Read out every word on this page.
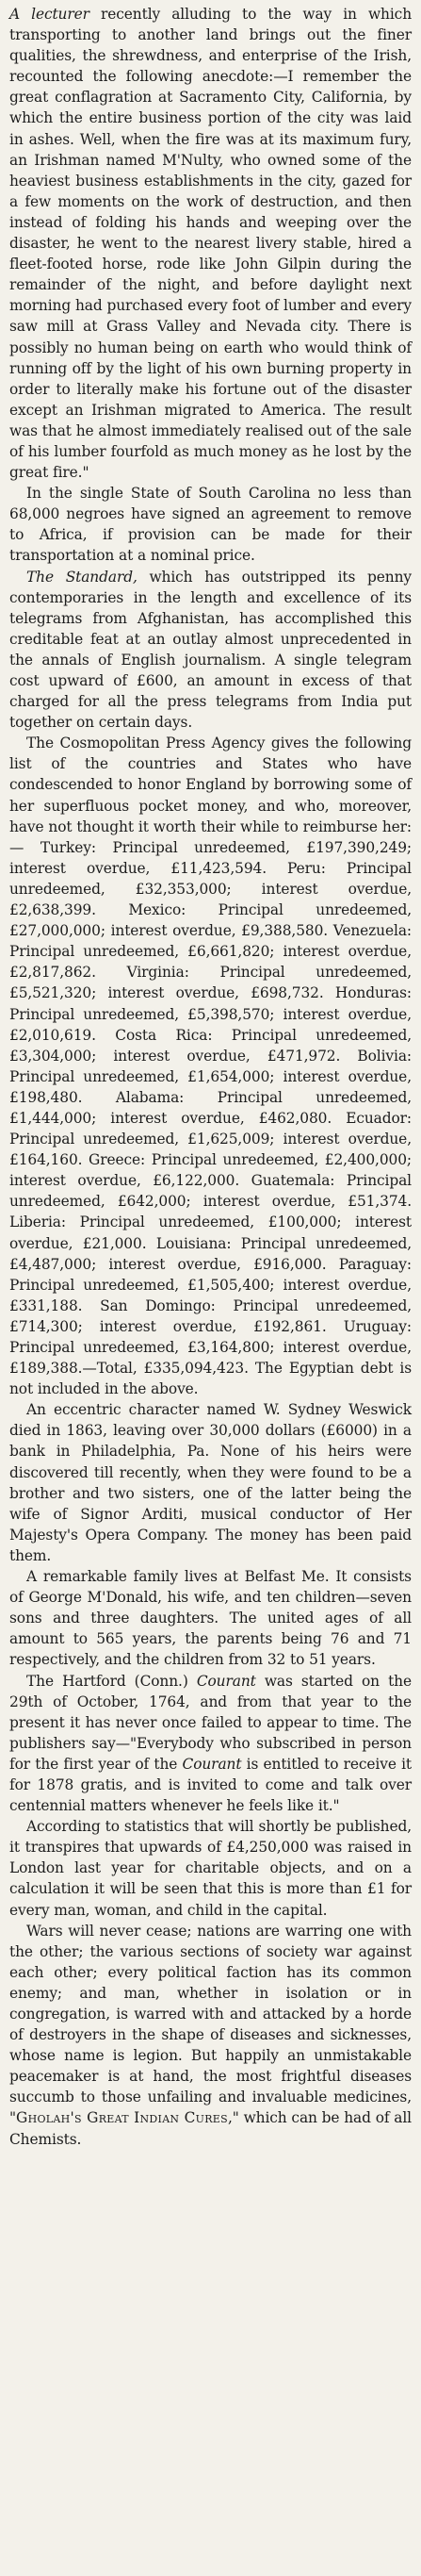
A lecturer recently alluding to the way in which transporting to another land brings out the finer qualities, the shrewdness, and enterprise of the Irish, recounted the following anecdote:—I remember the great conflagration at Sacramento City, California, by which the entire business portion of the city was laid in ashes. Well, when the fire was at its maximum fury, an Irishman named M'Nulty, who owned some of the heaviest business establishments in the city, gazed for a few moments on the work of destruction, and then instead of folding his hands and weeping over the disaster, he went to the nearest livery stable, hired a fleet-footed horse, rode like John Gilpin during the remainder of the night, and before daylight next morning had purchased every foot of lumber and every saw mill at Grass Valley and Nevada city. There is possibly no human being on earth who would think of running off by the light of his own burning property in order to literally make his fortune out of the disaster except an Irishman migrated to America. The result was that he almost immediately realised out of the sale of his lumber fourfold as much money as he lost by the great fire."

In the single State of South Carolina no less than 68,000 negroes have signed an agreement to remove to Africa, if provision can be made for their transportation at a nominal price.

The Standard, which has outstripped its penny contemporaries in the length and excellence of its telegrams from Afghanistan, has accomplished this creditable feat at an outlay almost unprecedented in the annals of English journalism. A single telegram cost upward of £600, an amount in excess of that charged for all the press telegrams from India put together on certain days.

The Cosmopolitan Press Agency gives the following list of the countries and States who have condescended to honor England by borrowing some of her superfluous pocket money, and who, moreover, have not thought it worth their while to reimburse her:— Turkey: Principal unredeemed, £197,390,249; interest overdue, £11,423,594. Peru: Principal unredeemed, £32,353,000; interest overdue, £2,638,399. Mexico: Principal unredeemed, £27,000,000; interest overdue, £9,388,580. Venezuela: Principal unredeemed, £6,661,820; interest overdue, £2,817,862. Virginia: Principal unredeemed, £5,521,320; interest overdue, £698,732. Honduras: Principal unredeemed, £5,398,570; interest overdue, £2,010,619. Costa Rica: Principal unredeemed, £3,304,000; interest overdue, £471,972. Bolivia: Principal unredeemed, £1,654,000; interest overdue, £198,480. Alabama: Principal unredeemed, £1,444,000; interest overdue, £462,080. Ecuador: Principal unredeemed, £1,625,009; interest overdue, £164,160. Greece: Principal unredeemed, £2,400,000; interest overdue, £6,122,000. Guatemala: Principal unredeemed, £642,000; interest overdue, £51,374. Liberia: Principal unredeemed, £100,000; interest overdue, £21,000. Louisiana: Principal unredeemed, £4,487,000; interest overdue, £916,000. Paraguay: Principal unredeemed, £1,505,400; interest overdue, £331,188. San Domingo: Principal unredeemed, £714,300; interest overdue, £192,861. Uruguay: Principal unredeemed, £3,164,800; interest overdue, £189,388.—Total, £335,094,423. The Egyptian debt is not included in the above.

An eccentric character named W. Sydney Weswick died in 1863, leaving over 30,000 dollars (£6000) in a bank in Philadelphia, Pa. None of his heirs were discovered till recently, when they were found to be a brother and two sisters, one of the latter being the wife of Signor Arditi, musical conductor of Her Majesty's Opera Company. The money has been paid them.

A remarkable family lives at Belfast Me. It consists of George M'Donald, his wife, and ten children—seven sons and three daughters. The united ages of all amount to 565 years, the parents being 76 and 71 respectively, and the children from 32 to 51 years.

The Hartford (Conn.) Courant was started on the 29th of October, 1764, and from that year to the present it has never once failed to appear to time. The publishers say—"Everybody who subscribed in person for the first year of the Courant is entitled to receive it for 1878 gratis, and is invited to come and talk over centennial matters whenever he feels like it."

According to statistics that will shortly be published, it transpires that upwards of £4,250,000 was raised in London last year for charitable objects, and on a calculation it will be seen that this is more than £1 for every man, woman, and child in the capital.

Wars will never cease; nations are warring one with the other; the various sections of society war against each other; every political faction has its common enemy; and man, whether in isolation or in congregation, is warred with and attacked by a horde of destroyers in the shape of diseases and sicknesses, whose name is legion. But happily an unmistakable peacemaker is at hand, the most frightful diseases succumb to those unfailing and invaluable medicines, "Gholah's Great Indian Cures," which can be had of all Chemists.
